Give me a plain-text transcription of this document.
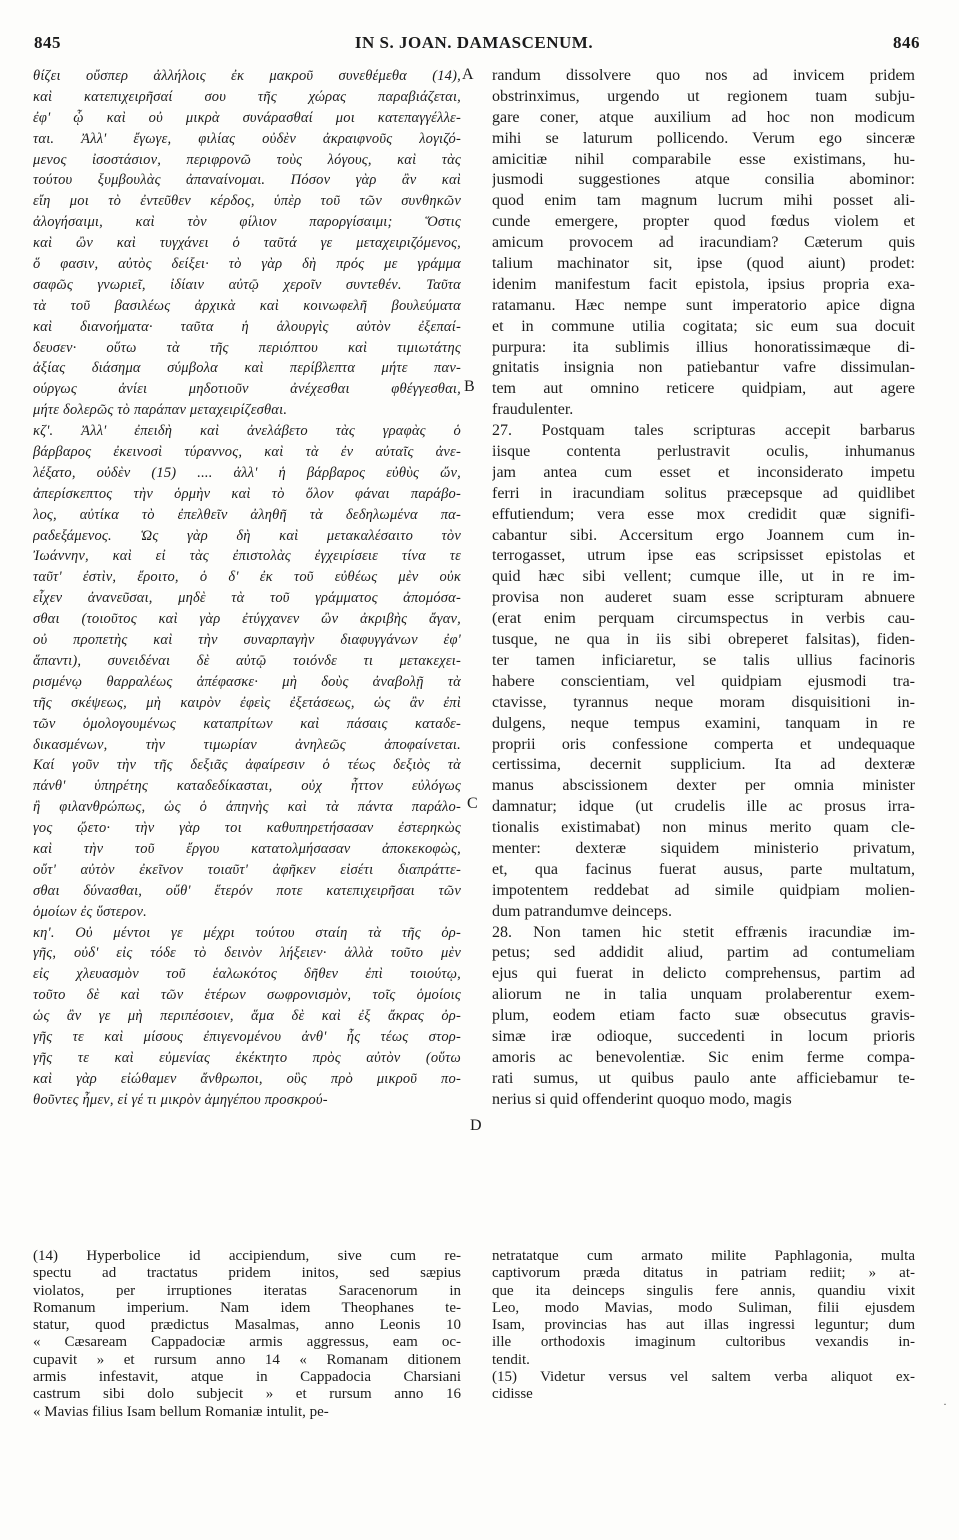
845	IN S. JOAN. DAMASCENUM.	846
θίζει οὔσπερ ἀλλήλοις ἐκ μακροῦ συνεθέμεθα (14),
καὶ κατεπιχειρῆσαί σου τῆς χώρας παραβιάζεται,
ἐφ' ᾧ καὶ οὐ μικρὰ συνάρασθαί μοι κατεπαγγέλλε-
ται. Ἀλλ' ἔγωγε, φιλίας οὐδὲν ἀκραιφνοῦς λογιζό-
μενος ἰσοστάσιον, περιφρονῶ τοὺς λόγους, καὶ τὰς
τούτου ξυμβουλὰς ἀπαναίνομαι. Πόσον γὰρ ἂν καὶ
εἴη μοι τὸ ἐντεῦθεν κέρδος, ὑπὲρ τοῦ τῶν συνθηκῶν
ἀλογήσαιμι, καὶ τὸν φίλιον παροργίσαιμι; Ὅστις
καὶ ὢν καὶ τυγχάνει ὁ ταῦτά γε μεταχειριζόμενος,
ὅ φασιν, αὐτὸς δείξει· τὸ γὰρ δὴ πρός με γράμμα
σαφῶς γνωριεῖ, ἰδίαιν αὐτῷ χεροῖν συντεθέν. Ταῦτα
τὰ τοῦ βασιλέως ἀρχικὰ καὶ κοινωφελῆ βουλεύματα
καὶ διανοήματα· ταῦτα ἡ ἁλουργὶς αὐτὸν ἐξεπαί-
δευσεν· οὕτω τὰ τῆς περιόπτου καὶ τιμιωτάτης
ἀξίας διάσημα σύμβολα καὶ περίβλεπτα μήτε παν-
ούργως ἀνίει μηδοτιοῦν ἀνέχεσθαι φθέγγεσθαι,
μήτε δολερῶς τὸ παράπαν μεταχειρίζεσθαι.
κζ'. Ἀλλ' ἐπειδὴ καὶ ἀνελάβετο τὰς γραφὰς ὁ
βάρβαρος ἐκεινοσὶ τύραννος, καὶ τὰ ἐν αὐταῖς ἀνε-
λέξατο, οὐδὲν (15) .... ἀλλ' ἡ βάρβαρος εὐθὺς ὤν,
ἀπερίσκεπτος τὴν ὁρμὴν καὶ τὸ ὅλον φάναι παράβο-
λος, αὐτίκα τὸ ἐπελθεῖν ἀληθῆ τὰ δεδηλωμένα πα-
ραδεξάμενος. Ὡς γὰρ δὴ καὶ μετακαλέσαιτο τὸν
Ἰωάννην, καὶ εἰ τὰς ἐπιστολὰς ἐγχειρίσειε τίνα τε
ταῦτ' ἐστὶν, ἔροιτο, ὁ δ' ἐκ τοῦ εὐθέως μὲν οὐκ
εἶχεν ἀνανεῦσαι, μηδὲ τὰ τοῦ γράμματος ἀπομόσα-
σθαι (τοιοῦτος καὶ γὰρ ἐτύγχανεν ὢν ἀκριβὴς ἄγαν,
οὐ προπετὴς καὶ τὴν συναρπαγὴν διαφυγγάνων ἐφ'
ἅπαντι), συνειδέναι δὲ αὐτῷ τοιόνδε τι μετακεχει-
ρισμένῳ θαρραλέως ἀπέφασκε· μὴ δοὺς ἀναβολῇ τὰ
τῆς σκέψεως, μὴ καιρὸν ἐφεὶς ἐξετάσεως, ὡς ἂν ἐπὶ
τῶν ὁμολογουμένως καταπρίτων καὶ πάσαις καταδε-
δικασμένων, τὴν τιμωρίαν ἀνηλεῶς ἀποφαίνεται.
Καί γοῦν τὴν τῆς δεξιᾶς ἀφαίρεσιν ὁ τέως δεξιὸς τὰ
πάνθ' ὑπηρέτης καταδεδίκασται, οὐχ ἧττον εὐλόγως
ἢ φιλανθρώπως, ὡς ὁ ἀπηνὴς καὶ τὰ πάντα παράλο-
γος ᾤετο· τὴν γὰρ τοι καθυπηρετήσασαν ἐστερηκὼς
καὶ τὴν τοῦ ἔργου κατατολμήσασαν ἀποκεκοφὼς,
οὔτ' αὐτὸν ἐκεῖνον τοιαῦτ' ἀφῆκεν εἰσέτι διαπράττε-
σθαι δύνασθαι, οὔθ' ἕτερόν ποτε κατεπιχειρῆσαι τῶν
ὁμοίων ἐς ὕστερον.
κη'. Οὐ μέντοι γε μέχρι τούτου σταίη τὰ τῆς ὀρ-
γῆς, οὐδ' εἰς τόδε τὸ δεινὸν λήξειεν· ἀλλὰ τοῦτο μὲν
εἰς χλευασμὸν τοῦ ἑαλωκότος δῆθεν ἐπὶ τοιούτῳ,
τοῦτο δὲ καὶ τῶν ἑτέρων σωφρονισμὸν, τοῖς ὁμοίοις
ὡς ἂν γε μὴ περιπέσοιεν, ἅμα δὲ καὶ ἐξ ἄκρας ὀρ-
γῆς τε καὶ μίσους ἐπιγενομένου ἀνθ' ἧς τέως στορ-
γῆς τε καὶ εὐμενίας ἐκέκτητο πρὸς αὐτὸν (οὕτω
καὶ γὰρ εἰώθαμεν ἄνθρωποι, οὓς πρὸ μικροῦ πο-
θοῦντες ἦμεν, εἰ γέ τι μικρὸν ἀμηγέπου προσκρού-
randum dissolvere quo nos ad invicem pridem
obstrinximus, urgendo ut regionem tuam subju-
gare coner, atque auxilium ad hoc non modicum
mihi se laturum pollicendo. Verum ego sinceræ
amicitiæ nihil comparabile esse existimans, hu-
jusmodi suggestiones atque consilia abominor:
quod enim tam magnum lucrum mihi posset ali-
cunde emergere, propter quod fœdus violem et
amicum provocem ad iracundiam? Cæterum quis
talium machinator sit, ipse (quod aiunt) prodet:
idenim manifestum facit epistola, ipsius propria exa-
ratamanu. Hæc nempe sunt imperatorio apice digna
et in commune utilia cogitata; sic eum sua docuit
purpura: ita sublimis illius honoratissimæque di-
gnitatis insignia non patiebantur vafre dissimulan-
tem aut omnino reticere quidpiam, aut agere
fraudulenter.
27. Postquam tales scripturas accepit barbarus
iisque contenta perlustravit oculis, inhumanus
jam antea cum esset et inconsiderato impetu
ferri in iracundiam solitus præcepsque ad quidlibet
effutiendum; vera esse mox credidit quæ signifi-
cabantur sibi. Accersitum ergo Joannem cum in-
terrogasset, utrum ipse eas scripsisset epistolas et
quid hæc sibi vellent; cumque ille, ut in re im-
provisa non auderet suam esse scripturam abnuere
(erat enim perquam circumspectus in verbis cau-
tusque, ne qua in iis sibi obreperet falsitas), fiden-
ter tamen inficiaretur, se talis ullius facinoris
habere conscientiam, vel quidpiam ejusmodi tra-
ctavisse, tyrannus neque moram disquisitioni in-
dulgens, neque tempus examini, tanquam in re
proprii oris confessione comperta et undequaque
certissima, decernit supplicium. Ita ad dexteræ
manus abscissionem dexter per omnia minister
damnatur; idque (ut crudelis ille ac prosus irra-
tionalis existimabat) non minus merito quam cle-
menter: dexteræ siquidem ministerio privatum,
et, qua facinus fuerat ausus, parte multatum,
impotentem reddebat ad simile quidpiam molien-
dum patrandumve deinceps.
28. Non tamen hic stetit effrænis iracundiæ im-
petus; sed addidit aliud, partim ad contumeliam
ejus qui fuerat in delicto comprehensus, partim ad
aliorum ne in talia unquam prolaberentur exem-
plum, eodem etiam facto suæ obsecutus gravis-
simæ iræ odioque, succedenti in locum prioris
amoris ac benevolentiæ. Sic enim ferme compa-
rati sumus, ut quibus paulo ante afficiebamur te-
nerius si quid offenderint quoquo modo, magis
A
B
C
D
(14) Hyperbolice id accipiendum, sive cum re-
spectu ad tractatus pridem initos, sed sæpius
violatos, per irruptiones iteratas Saracenorum in
Romanum imperium. Nam idem Theophanes te-
statur, quod prædictus Masalmas, anno Leonis 10
« Cæsaream Cappadociæ armis aggressus, eam oc-
cupavit » et rursum anno 14 « Romanam ditionem
armis infestavit, atque in Cappadocia Charsiani
castrum sibi dolo subjecit » et rursum anno 16
« Mavias filius Isam bellum Romaniæ intulit, pe-
netratatque cum armato milite Paphlagonia, multa
captivorum præda ditatus in patriam rediit; » at-
que ita deinceps singulis fere annis, quandiu vixit
Leo, modo Mavias, modo Suliman, filii ejusdem
Isam, provincias has aut illas ingressi leguntur; dum
ille orthodoxis imaginum cultoribus vexandis in-
tendit.
(15) Videtur versus vel saltem verba aliquot ex-
cidisse
·
